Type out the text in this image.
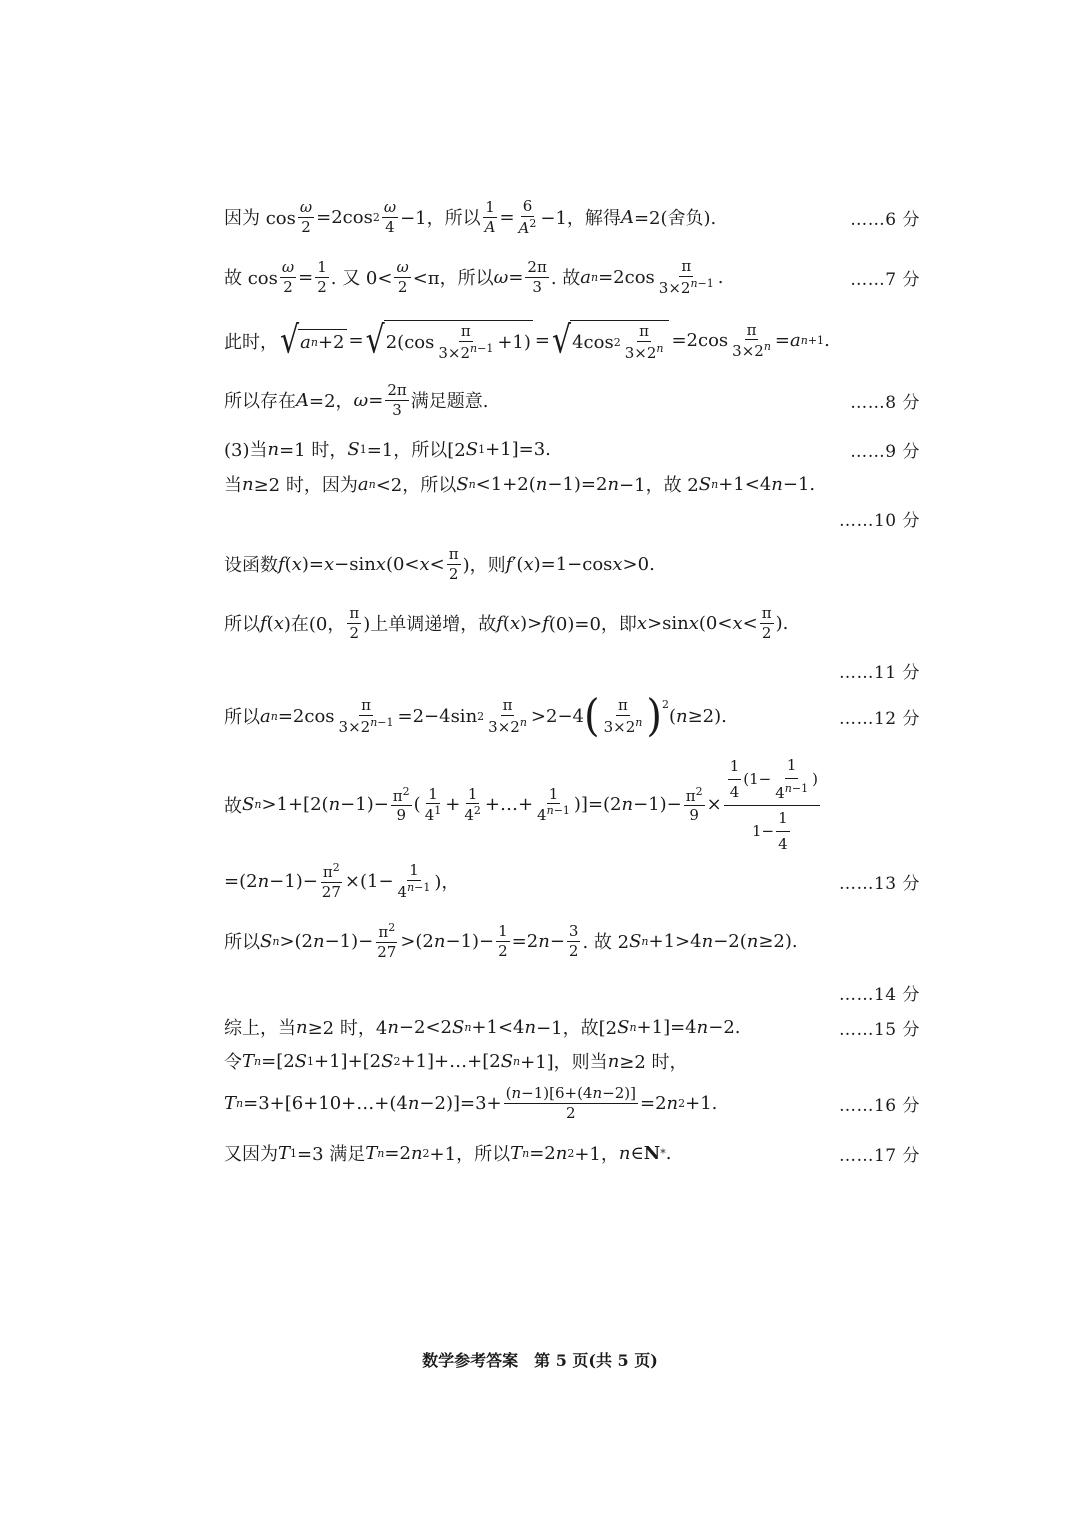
因为 $\cos \frac{\omega}{2} =2\cos$ $2 \frac{\omega}{4} -1$，所以 $\frac{1}{A} = \frac{6}{A^2} -1$，解得 A =2(舍负).	……6 分
故 $\cos \frac{\omega}{2} = \frac{1}{2}$ . 又 $0< \frac{\omega}{2} <\pi$，所以 $\omega = \frac{2\pi}{3}$ . 故 a $n =2\cos \frac{\pi}{3\times 2^{n-1}}$ .	……7 分
此时， √ a n +2 = √ $2(\cos \frac{\pi}{3\times 2^{n-1}} +1)$ = √ 4cos $2 \frac{\pi}{3\times 2^n} =2\cos \frac{\pi}{3\times 2^n} = a$ n+1 .
所以存在 A =2， $\omega = \frac{2\pi}{3}$ 满足题意.	……8 分
(3)当 n =1 时， S 1 =1，所以[2 S 1 +1]=3.	……9 分
当 n ≥2 时，因为 a n <2，所以 S n <1+2( n −1)=2 n −1，故 2 S n +1<4 n −1.
……10 分
设函数 f ( x )= x −sin x ($0< x < \frac{\pi}{2}$ )，则 f ′( x )=1−cos x >0.
所以 f ( x )在(0， $\frac{\pi}{2}$ )上单调递增，故 f ( x )> f (0)=0，即 x >sin x ($0< x < \frac{\pi}{2}$ ).
……11 分
所以 a $n =2\cos \frac{\pi}{3\times 2^{n-1}} =2-4\sin$ $2 \frac{\pi}{3\times 2^n} >2-4$ ( $\frac{\pi}{3\times 2^n} )^2$
( n ≥2).	……12 分
故 S n >1+[2( $n -1)- \frac{\pi^2}{9}$ ( $\frac{1}{4^1} + \frac{1}{4^2}$ +…+ $\frac{1}{4^{n-1}} )]=(2$ $n -1)- \frac{\pi^2}{9} \times \frac{\frac{1}{4} (1- \frac{1}{4^{n-1}} )}{1- \frac{1}{4}}$
=(2 $n -1)- \frac{\pi^2}{27} \times(1- \frac{1}{4^{n-1}}$ )，	……13 分
所以 S n >(2 $n -1)- \frac{\pi^2}{27} >(2$ $n -1)- \frac{1}{2} =2$ $n - \frac{3}{2}$ . 故 2 S n +1>4 n −2( n ≥2).
……14 分
综上，当 n ≥2 时，4 n −2<2 S n +1<4 n −1，故[2 S n +1]=4 n −2.	……15 分
令 T n =[2 S 1 +1]+[2 S 2 +1]+…+[2 S n +1]，则当 n ≥2 时，
T n =3+[6+10+…+(4 $n -2)]=3+ \frac{(n-1)[6+(4n-2)]}{2} =2$ n 2 +1.	……16 分
又因为 T 1 =3 满足 T n =2 n 2 +1，所以 T n =2 n 2 +1， n ∈ N * .	……17 分
数学参考答案　第 5 页(共 5 页)
